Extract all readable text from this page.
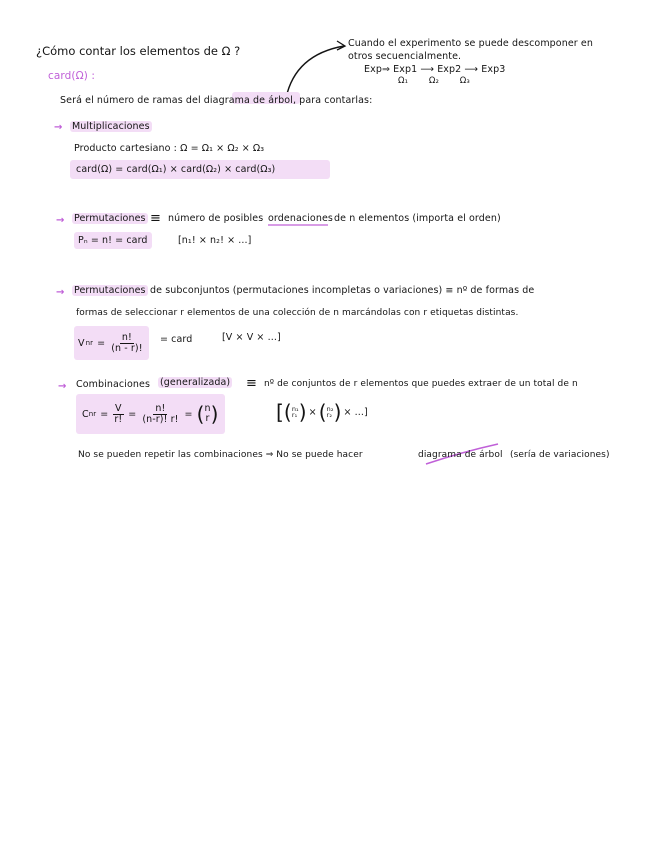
¿Cómo contar los elementos de Ω ?
card(Ω) :
Cuando el experimento se puede descomponer en
otros secuencialmente.
Exp⇒ Exp1 ⟶ Exp2 ⟶ Exp3
Ω₁ Ω₂ Ω₃
Será el número de ramas del diagrama de árbol, para contarlas:
→ Multiplicaciones
Producto cartesiano : Ω = Ω₁ × Ω₂ × Ω₃
card(Ω) = card(Ω₁) × card(Ω₂) × card(Ω₃)
→ Permutaciones ≡ número de posibles ordenaciones de n elementos (importa el orden)
Pₙ = n! = card	[n₁! × n₂! × ...]
→ Permutaciones de subconjuntos (permutaciones incompletas o variaciones) ≡ nº de formas de
formas de seleccionar r elementos de una colección de n marcándolas con r etiquetas distintas.
V n $r = \frac{n!}{(n - r)!}$ = card	[V × V × ...]
→ Combinaciones (generalizada) ≡ nº de conjuntos de r elementos que puedes extraer de un total de n
C n $r = \frac{V}{r!} = \frac{n!}{(n-r)! r!}$ = ( n
r )	[( n₁
r₁ ) × ( n₂
r₂ ) × ...]
No se pueden repetir las combinaciones ⇒ No se puede hacer	diagrama de árbol (sería de variaciones)
